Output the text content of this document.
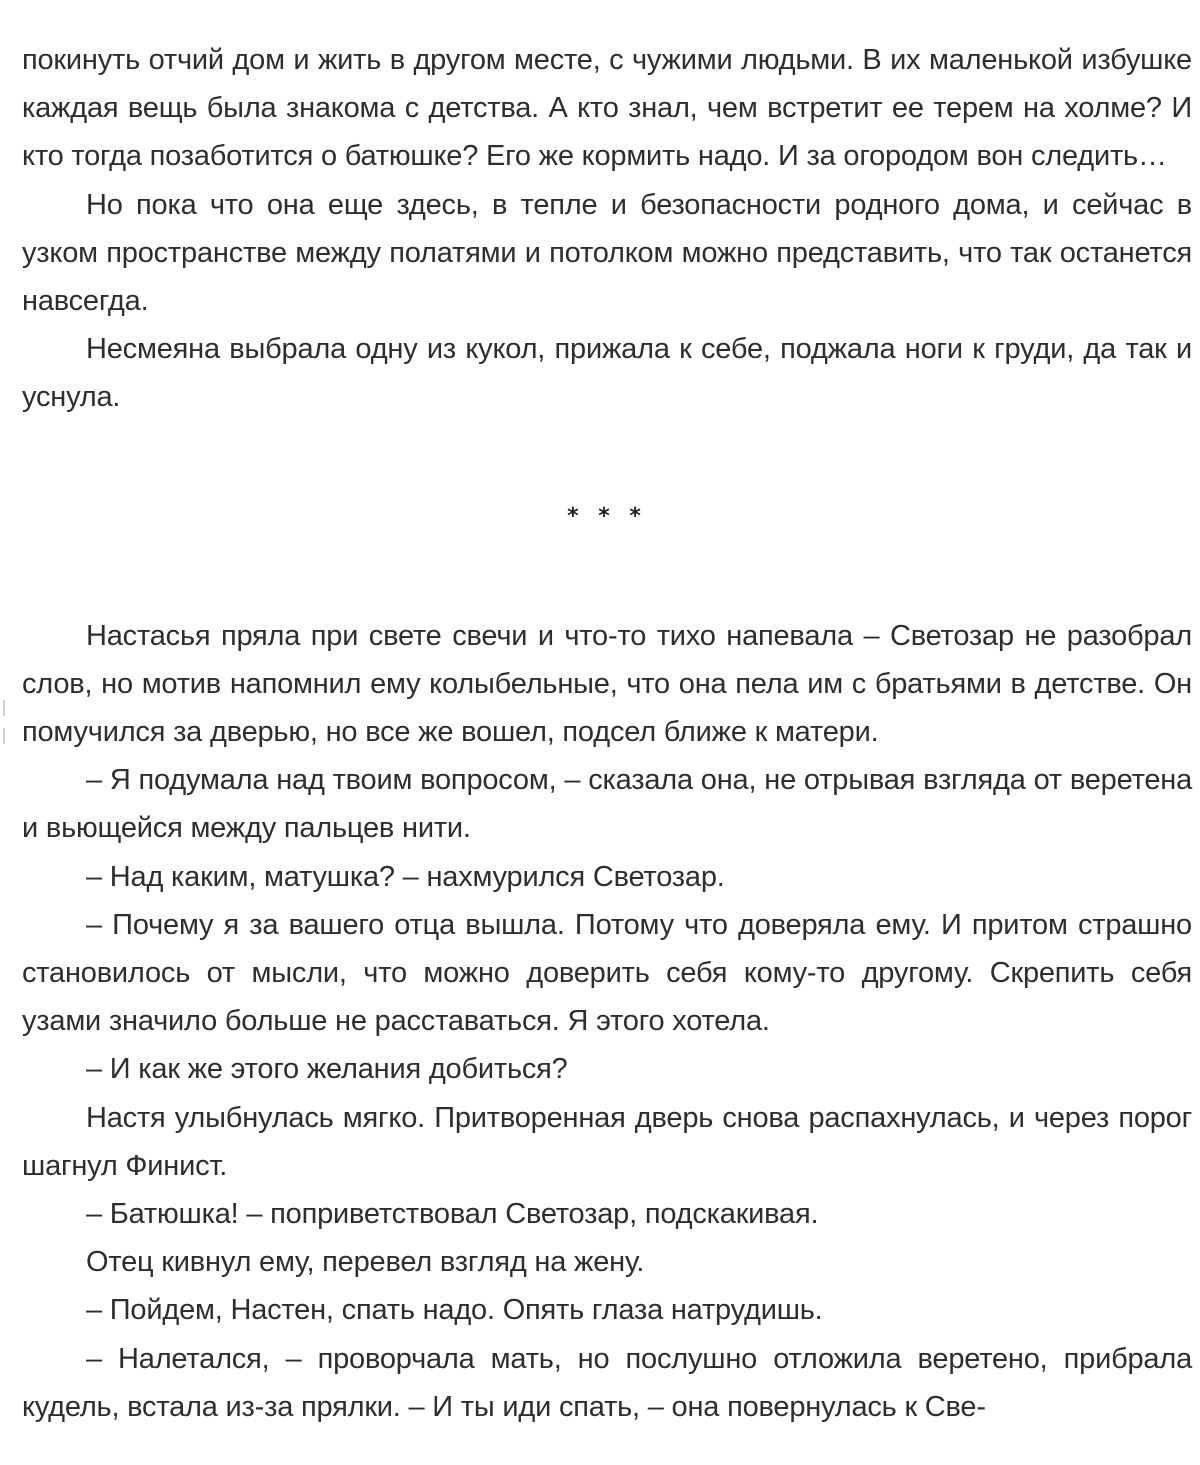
покинуть отчий дом и жить в другом месте, с чужими людьми. В их маленькой избушке каждая вещь была знакома с детства. А кто знал, чем встретит ее терем на холме? И кто тогда позаботится о батюшке? Его же кормить надо. И за огородом вон следить…

Но пока что она еще здесь, в тепле и безопасности родного дома, и сейчас в узком пространстве между полатями и потолком можно представить, что так останется навсегда.

Несмеяна выбрала одну из кукол, прижала к себе, поджала ноги к груди, да так и уснула.

* * *

Настасья пряла при свете свечи и что-то тихо напевала – Светозар не разобрал слов, но мотив напомнил ему колыбельные, что она пела им с братьями в детстве. Он помучился за дверью, но все же вошел, подсел ближе к матери.

– Я подумала над твоим вопросом, – сказала она, не отрывая взгляда от веретена и вьющейся между пальцев нити.

– Над каким, матушка? – нахмурился Светозар.

– Почему я за вашего отца вышла. Потому что доверяла ему. И притом страшно становилось от мысли, что можно доверить себя кому-то другому. Скрепить себя узами значило больше не расставаться. Я этого хотела.

– И как же этого желания добиться?

Настя улыбнулась мягко. Притворенная дверь снова распахнулась, и через порог шагнул Финист.

– Батюшка! – поприветствовал Светозар, подскакивая.

Отец кивнул ему, перевел взгляд на жену.

– Пойдем, Настен, спать надо. Опять глаза натрудишь.

– Налетался, – проворчала мать, но послушно отложила веретено, прибрала кудель, встала из-за прялки. – И ты иди спать, – она повернулась к Све-
